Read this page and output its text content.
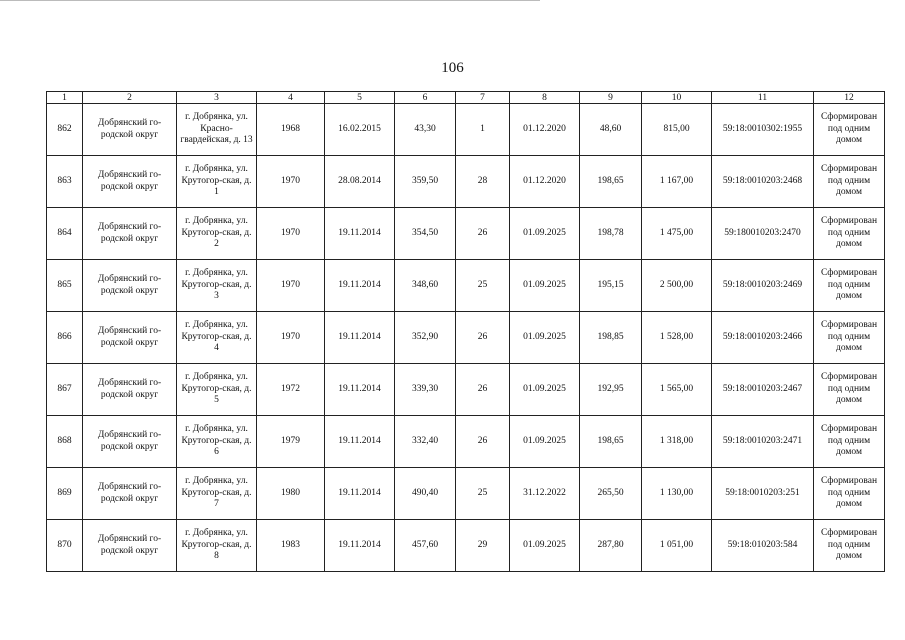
106
1	2	3	4	5	6	7	8	9	10	11	12
862	Добрянский го-родской округ	г. Добрянка, ул. Красно-гвардейская, д. 13	1968	16.02.2015	43,30	1	01.12.2020	48,60	815,00	59:18:0010302:1955	Сформирован под одним домом
863	Добрянский го-родской округ	г. Добрянка, ул. Крутогор-ская, д. 1	1970	28.08.2014	359,50	28	01.12.2020	198,65	1 167,00	59:18:0010203:2468	Сформирован под одним домом
864	Добрянский го-родской округ	г. Добрянка, ул. Крутогор-ская, д. 2	1970	19.11.2014	354,50	26	01.09.2025	198,78	1 475,00	59:180010203:2470	Сформирован под одним домом
865	Добрянский го-родской округ	г. Добрянка, ул. Крутогор-ская, д. 3	1970	19.11.2014	348,60	25	01.09.2025	195,15	2 500,00	59:18:0010203:2469	Сформирован под одним домом
866	Добрянский го-родской округ	г. Добрянка, ул. Крутогор-ская, д. 4	1970	19.11.2014	352,90	26	01.09.2025	198,85	1 528,00	59:18:0010203:2466	Сформирован под одним домом
867	Добрянский го-родской округ	г. Добрянка, ул. Крутогор-ская, д. 5	1972	19.11.2014	339,30	26	01.09.2025	192,95	1 565,00	59:18:0010203:2467	Сформирован под одним домом
868	Добрянский го-родской округ	г. Добрянка, ул. Крутогор-ская, д. 6	1979	19.11.2014	332,40	26	01.09.2025	198,65	1 318,00	59:18:0010203:2471	Сформирован под одним домом
869	Добрянский го-родской округ	г. Добрянка, ул. Крутогор-ская, д. 7	1980	19.11.2014	490,40	25	31.12.2022	265,50	1 130,00	59:18:0010203:251	Сформирован под одним домом
870	Добрянский го-родской округ	г. Добрянка, ул. Крутогор-ская, д. 8	1983	19.11.2014	457,60	29	01.09.2025	287,80	1 051,00	59:18:010203:584	Сформирован под одним домом
